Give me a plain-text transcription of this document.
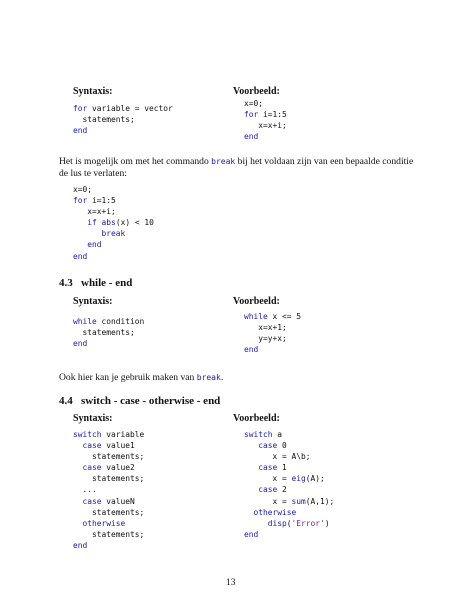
Syntaxis:	Voorbeeld:
for variable = vector
statements;
end
x=0;
for i=1:5
x=x+i;
end
Het is mogelijk om met het commando break bij het voldaan zijn van een bepaalde conditie
de lus te verlaten:
x=0;
for i=1:5
x=x+i;
if abs(x) < 10
break
end
end
4.3 while - end
Syntaxis:	Voorbeeld:
while condition
statements;
end
while x <= 5
x=x+1;
y=y+x;
end
Ook hier kan je gebruik maken van break.
4.4 switch - case - otherwise - end
Syntaxis:	Voorbeeld:
switch variable
case value1
statements;
case value2
statements;
...
case valueN
statements;
otherwise
statements;
end
switch a
case 0
x = A\b;
case 1
x = eig(A);
case 2
x = sum(A,1);
otherwise
disp('Error')
end
13
